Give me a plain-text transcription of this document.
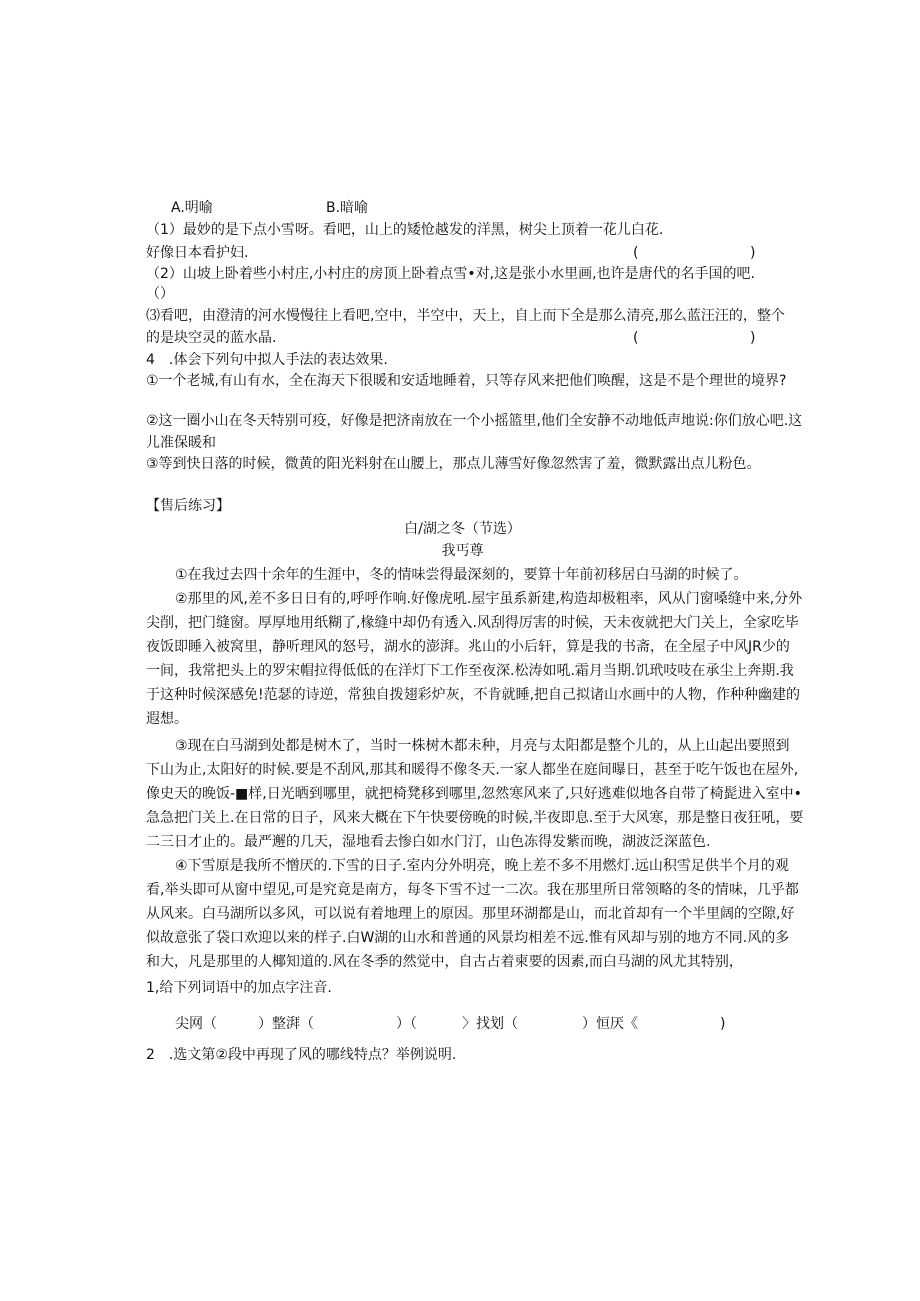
A.明喻	B.暗喻
（1）最妙的是下点小雪呀。看吧，山上的矮怆越发的洋黑，树尖上顶着一花儿白花.
好像日本看护妇.	(	)
（2）山坡上卧着些小村庄,小村庄的房顶上卧着点雪•对,这是张小水里画,也许是唐代的名手国的吧.
（）
⑶看吧，由澄清的河水慢慢往上看吧,空中，半空中，天上，自上而下全是那么清亮,那么蓝汪汪的，整个
的是块空灵的蓝水晶.	(	)
4　.体会下列句中拟人手法的表达效果.
①一个老城,有山有水，全在海天下很暖和安适地睡着，只等存风来把他们唤醒，这是不是个理世的境界?
②这一圈小山在冬天特别可疫，好像是把济南放在一个小摇篮里,他们全安静不动地低声地说:你们放心吧.这
儿准保暖和
③等到快日落的时候，微黄的阳光料射在山腰上，那点儿薄雪好像忽然害了羞，微默露出点儿粉色。
【售后练习】
白/湖之冬（节选）
我丐尊
①在我过去四十余年的生涯中，冬的情味尝得最深刻的，要算十年前初移居白马湖的时候了。
②那里的风,差不多日日有的,呼呼作响.好像虎吼.屋宇虽系新建,构造却极粗率，风从门窗嗓缝中来,分外
尖削，把门缝窗。厚厚地用纸糊了,椽缝中却仍有透入.风刮得厉害的时候，天未夜就把大门关上，全家吃毕
夜饭即睡入被窝里，静听理风的怒号，湖水的澎湃。兆山的小后轩，算是我的书斋，在全屋子中风JR少的
一间，我常把头上的罗宋帽拉得低低的在洋灯下工作至夜深.松涛如吼.霜月当期.饥玳吱吱在承尘上奔期.我
于这种时候深感免!范瑟的诗逆，常独自拨翅彩炉灰，不肯就睡,把自己拟诸山水画中的人物，作种种幽建的
遐想。
③现在白马湖到处都是树木了，当时一株树木都未种，月亮与太阳都是整个儿的，从上山起出要照到
下山为止,太阳好的时候.要是不刮风,那其和暖得不像冬天.一家人都坐在庭间曝日，甚至于吃午饭也在屋外,
像史天的晚饭-■样,日光晒到哪里，就把椅凳移到哪里,忽然寒风来了,只好逃难似地各自带了椅髭进入室中•
急急把门关上.在日常的日子，风来大概在下午快要傍晚的时候,半夜即息.至于大风寒，那是整日夜狂吼，要
二三日才止的。最严邂的几天，湿地看去惨白如水门汀，山色冻得发紫而晚，湖波泛深蓝色.
④下雪原是我所不憎厌的.下雪的日子.室内分外明亮，晚上差不多不用燃灯.远山积雪足供半个月的观
看,举头即可从窗中望见,可是究竟是南方，每冬下雪不过一二次。我在那里所日常领略的冬的情味，几乎都
从风来。白马湖所以多风，可以说有着地理上的原因。那里环湖都是山，而北首却有一个半里阔的空隙,好
似故意张了袋口欢迎以来的样子.白W湖的山水和普通的风景均相差不远.惟有风却与别的地方不同.风的多
和大，凡是那里的人椰知道的.风在冬季的然觉中，自古占着柬要的因素,而白马湖的风尤其特别，
1,给下列词语中的加点字注音.
尖网（	）整湃（	）（	〉找划（	）恒厌《	)
2　.选文第②段中再现了风的哪线特点？举例说明.
